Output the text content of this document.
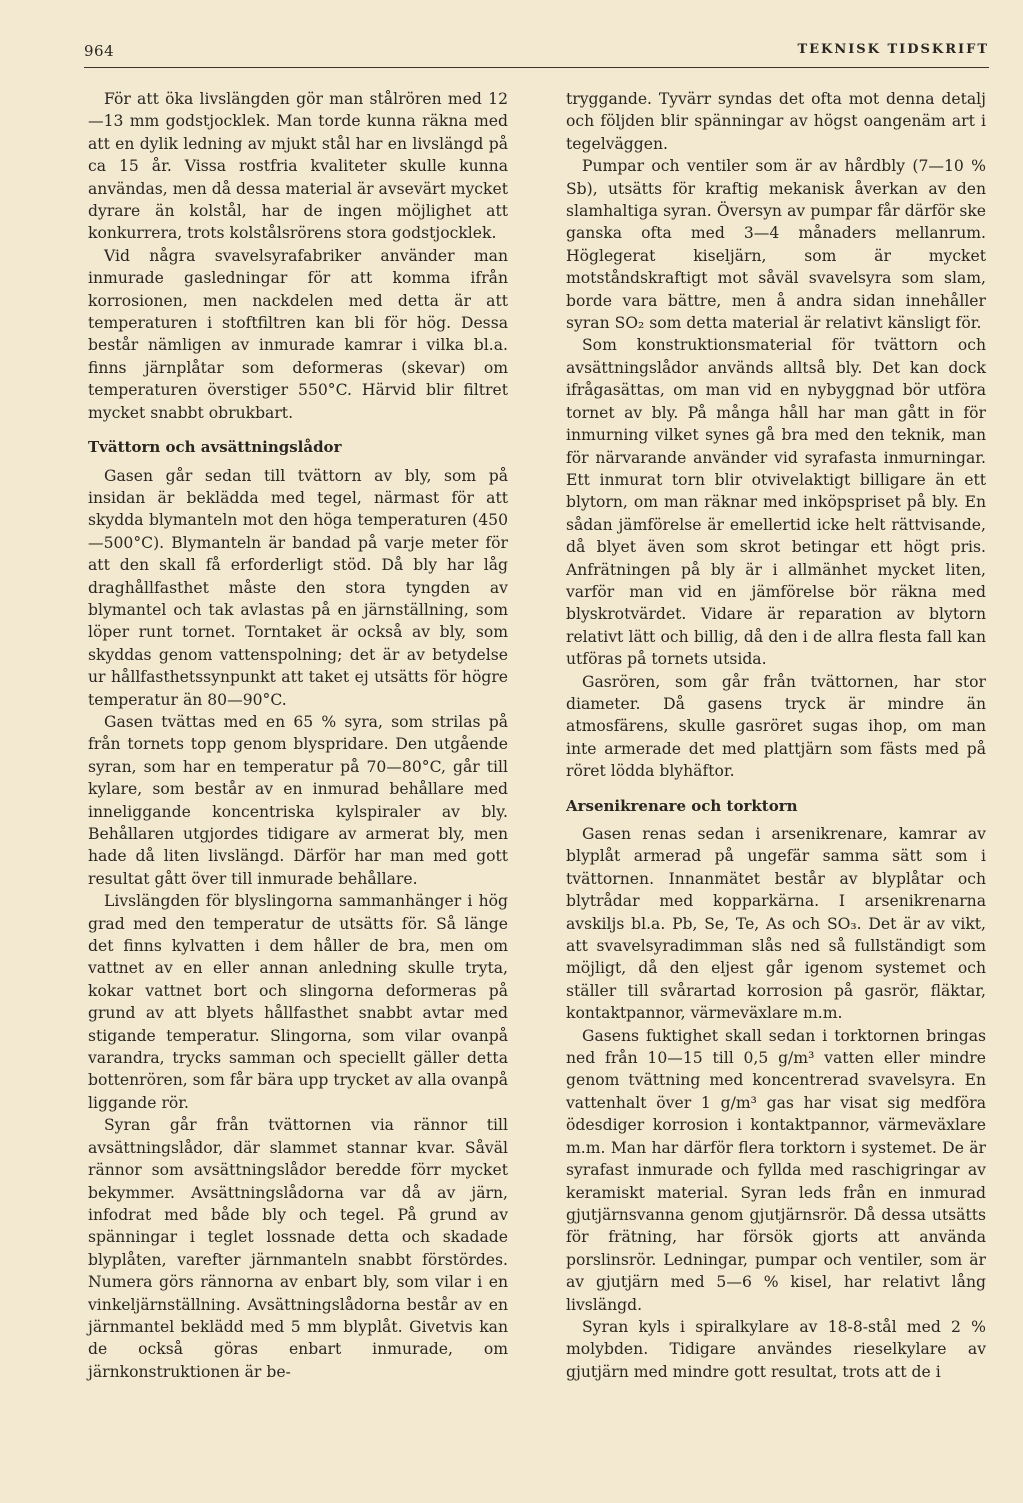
964	TEKNISK TIDSKRIFT

För att öka livslängden gör man stålrören med 12—13 mm godstjocklek. Man torde kunna räkna med att en dylik ledning av mjukt stål har en livslängd på ca 15 år. Vissa rostfria kvaliteter skulle kunna användas, men då dessa material är avsevärt mycket dyrare än kolstål, har de ingen möjlighet att konkurrera, trots kolstålsrörens stora godstjocklek.

Vid några svavelsyrafabriker använder man inmurade gasledningar för att komma ifrån korrosionen, men nackdelen med detta är att temperaturen i stoftfiltren kan bli för hög. Dessa består nämligen av inmurade kamrar i vilka bl.a. finns järnplåtar som deformeras (skevar) om temperaturen överstiger 550°C. Härvid blir filtret mycket snabbt obrukbart.

Tvättorn och avsättningslådor

Gasen går sedan till tvättorn av bly, som på insidan är beklädda med tegel, närmast för att skydda blymanteln mot den höga temperaturen (450—500°C). Blymanteln är bandad på varje meter för att den skall få erforderligt stöd. Då bly har låg draghållfasthet måste den stora tyngden av blymantel och tak avlastas på en järnställning, som löper runt tornet. Torntaket är också av bly, som skyddas genom vattenspolning; det är av betydelse ur hållfasthetssynpunkt att taket ej utsätts för högre temperatur än 80—90°C.

Gasen tvättas med en 65 % syra, som strilas på från tornets topp genom blyspridare. Den utgående syran, som har en temperatur på 70—80°C, går till kylare, som består av en inmurad behållare med inneliggande koncentriska kylspiraler av bly. Behållaren utgjordes tidigare av armerat bly, men hade då liten livslängd. Därför har man med gott resultat gått över till inmurade behållare.

Livslängden för blyslingorna sammanhänger i hög grad med den temperatur de utsätts för. Så länge det finns kylvatten i dem håller de bra, men om vattnet av en eller annan anledning skulle tryta, kokar vattnet bort och slingorna deformeras på grund av att blyets hållfasthet snabbt avtar med stigande temperatur. Slingorna, som vilar ovanpå varandra, trycks samman och speciellt gäller detta bottenrören, som får bära upp trycket av alla ovanpå liggande rör.

Syran går från tvättornen via rännor till avsättningslådor, där slammet stannar kvar. Såväl rännor som avsättningslådor beredde förr mycket bekymmer. Avsättningslådorna var då av järn, infodrat med både bly och tegel. På grund av spänningar i teglet lossnade detta och skadade blyplåten, varefter järnmanteln snabbt förstördes. Numera görs rännorna av enbart bly, som vilar i en vinkeljärnställning. Avsättningslådorna består av en järnmantel beklädd med 5 mm blyplåt. Givetvis kan de också göras enbart inmurade, om järnkonstruktionen är be-

tryggande. Tyvärr syndas det ofta mot denna detalj och följden blir spänningar av högst oangenäm art i tegelväggen.

Pumpar och ventiler som är av hårdbly (7—10 % Sb), utsätts för kraftig mekanisk åverkan av den slamhaltiga syran. Översyn av pumpar får därför ske ganska ofta med 3—4 månaders mellanrum. Höglegerat kiseljärn, som är mycket motståndskraftigt mot såväl svavelsyra som slam, borde vara bättre, men å andra sidan innehåller syran SO₂ som detta material är relativt känsligt för.

Som konstruktionsmaterial för tvättorn och avsättningslådor används alltså bly. Det kan dock ifrågasättas, om man vid en nybyggnad bör utföra tornet av bly. På många håll har man gått in för inmurning vilket synes gå bra med den teknik, man för närvarande använder vid syrafasta inmurningar. Ett inmurat torn blir otvivelaktigt billigare än ett blytorn, om man räknar med inköpspriset på bly. En sådan jämförelse är emellertid icke helt rättvisande, då blyet även som skrot betingar ett högt pris. Anfrätningen på bly är i allmänhet mycket liten, varför man vid en jämförelse bör räkna med blyskrotvärdet. Vidare är reparation av blytorn relativt lätt och billig, då den i de allra flesta fall kan utföras på tornets utsida.

Gasrören, som går från tvättornen, har stor diameter. Då gasens tryck är mindre än atmosfärens, skulle gasröret sugas ihop, om man inte armerade det med plattjärn som fästs med på röret lödda blyhäftor.

Arsenikrenare och torktorn

Gasen renas sedan i arsenikrenare, kamrar av blyplåt armerad på ungefär samma sätt som i tvättornen. Innanmätet består av blyplåtar och blytrådar med kopparkärna. I arsenikrenarna avskiljs bl.a. Pb, Se, Te, As och SO₃. Det är av vikt, att svavelsyradimman slås ned så fullständigt som möjligt, då den eljest går igenom systemet och ställer till svårartad korrosion på gasrör, fläktar, kontaktpannor, värmeväxlare m.m.

Gasens fuktighet skall sedan i torktornen bringas ned från 10—15 till 0,5 g/m³ vatten eller mindre genom tvättning med koncentrerad svavelsyra. En vattenhalt över 1 g/m³ gas har visat sig medföra ödesdiger korrosion i kontaktpannor, värmeväxlare m.m. Man har därför flera torktorn i systemet. De är syrafast inmurade och fyllda med raschigringar av keramiskt material. Syran leds från en inmurad gjutjärnsvanna genom gjutjärnsrör. Då dessa utsätts för frätning, har försök gjorts att använda porslinsrör. Ledningar, pumpar och ventiler, som är av gjutjärn med 5—6 % kisel, har relativt lång livslängd.

Syran kyls i spiralkylare av 18-8-stål med 2 % molybden. Tidigare användes rieselkylare av gjutjärn med mindre gott resultat, trots att de i
